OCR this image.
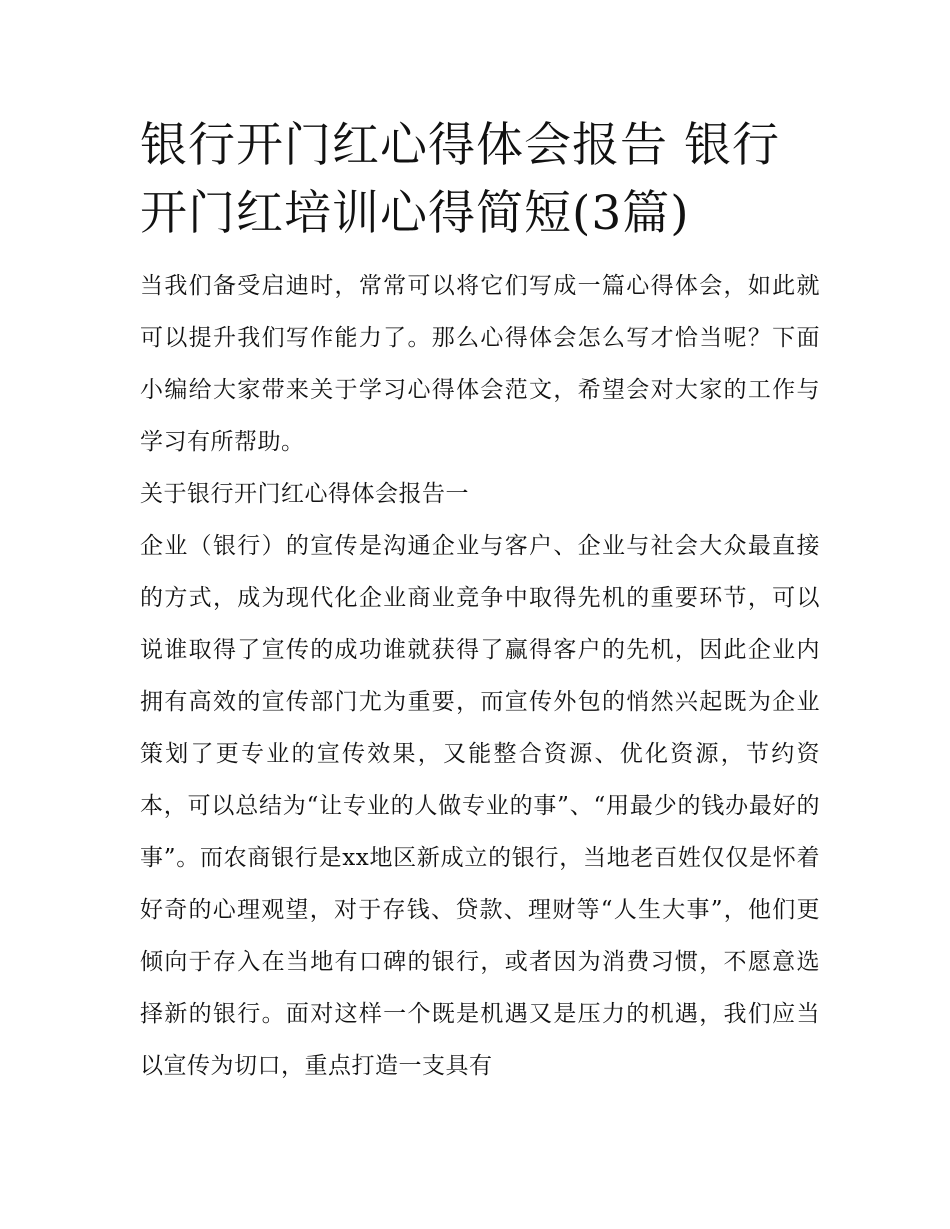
银行开门红心得体会报告 银行开门红培训心得简短(3篇)

当我们备受启迪时，常常可以将它们写成一篇心得体会，如此就可以提升我们写作能力了。那么心得体会怎么写才恰当呢？下面小编给大家带来关于学习心得体会范文，希望会对大家的工作与学习有所帮助。

关于银行开门红心得体会报告一

企业（银行）的宣传是沟通企业与客户、企业与社会大众最直接的方式，成为现代化企业商业竞争中取得先机的重要环节，可以说谁取得了宣传的成功谁就获得了赢得客户的先机，因此企业内拥有高效的宣传部门尤为重要，而宣传外包的悄然兴起既为企业策划了更专业的宣传效果，又能整合资源、优化资源，节约资本，可以总结为“让专业的人做专业的事”、“用最少的钱办最好的事”。而农商银行是xx地区新成立的银行，当地老百姓仅仅是怀着好奇的心理观望，对于存钱、贷款、理财等“人生大事”，他们更倾向于存入在当地有口碑的银行，或者因为消费习惯，不愿意选择新的银行。面对这样一个既是机遇又是压力的机遇，我们应当以宣传为切口，重点打造一支具有
